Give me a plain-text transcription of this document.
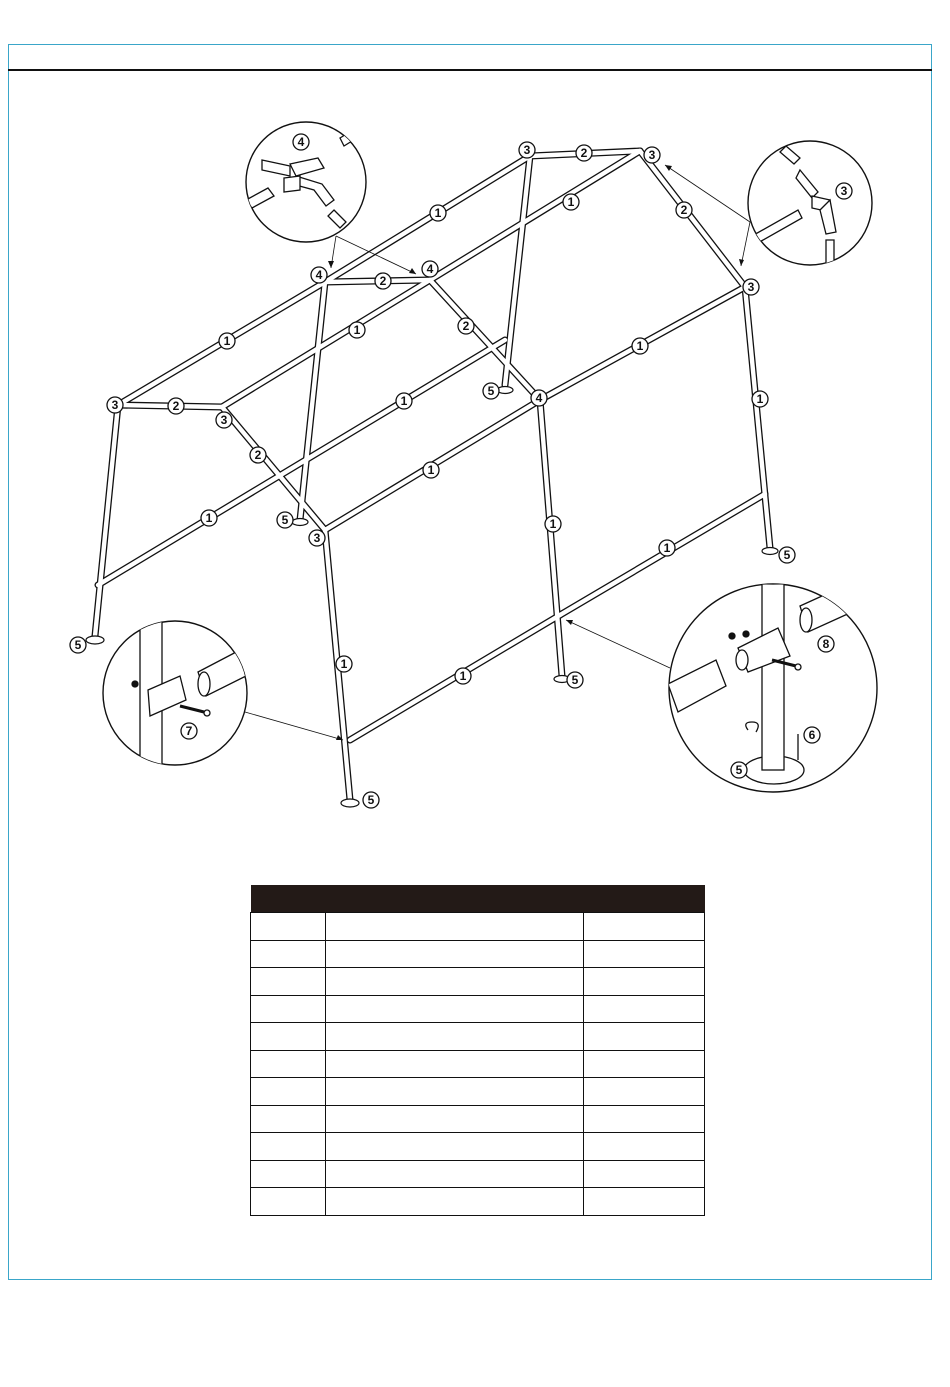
3	3
3
3
3
3
3
2
2
2
2
2
2
4
4	4
4
1
1
1
1
1
1	1
1
1	1
1
1
1
5
5
5
5
5
5
5
6
7
8
